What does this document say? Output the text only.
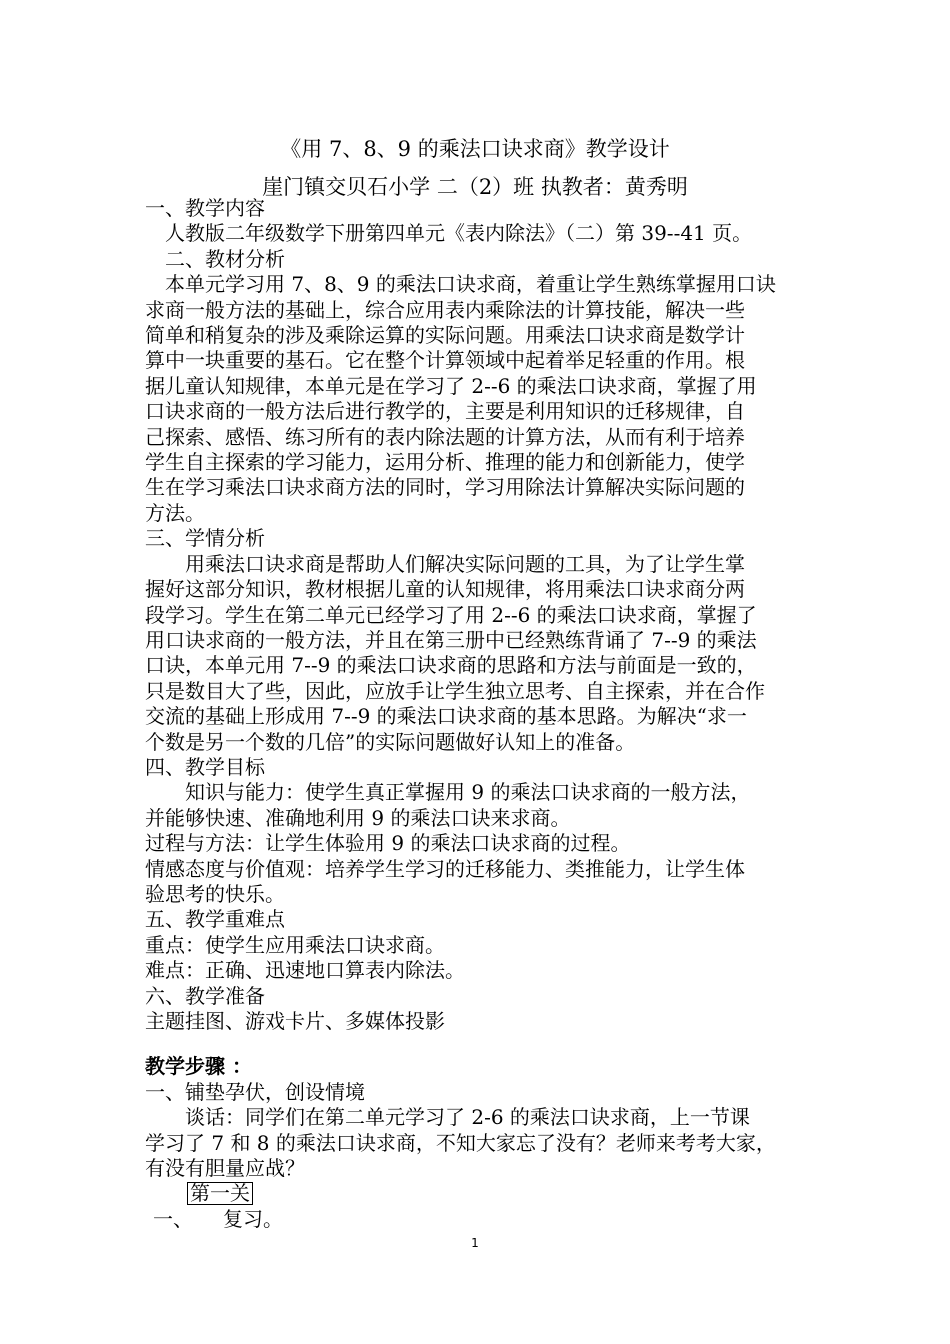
《用 7、8、9 的乘法口诀求商》教学设计
崖门镇交贝石小学 二（2）班 执教者：黄秀明

一、教学内容

人教版二年级数学下册第四单元《表内除法》（二）第 39--41 页。

二、教材分析

本单元学习用 7、8、9 的乘法口诀求商，着重让学生熟练掌握用口诀

求商一般方法的基础上，综合应用表内乘除法的计算技能，解决一些

简单和稍复杂的涉及乘除运算的实际问题。用乘法口诀求商是数学计

算中一块重要的基石。它在整个计算领域中起着举足轻重的作用。根

据儿童认知规律，本单元是在学习了 2--6 的乘法口诀求商，掌握了用

口诀求商的一般方法后进行教学的，主要是利用知识的迁移规律，自

己探索、感悟、练习所有的表内除法题的计算方法，从而有利于培养

学生自主探索的学习能力，运用分析、推理的能力和创新能力，使学

生在学习乘法口诀求商方法的同时，学习用除法计算解决实际问题的

方法。

三、学情分析

用乘法口诀求商是帮助人们解决实际问题的工具，为了让学生掌

握好这部分知识，教材根据儿童的认知规律，将用乘法口诀求商分两

段学习。学生在第二单元已经学习了用 2--6 的乘法口诀求商，掌握了

用口诀求商的一般方法，并且在第三册中已经熟练背诵了 7--9 的乘法

口诀，本单元用 7--9 的乘法口诀求商的思路和方法与前面是一致的，

只是数目大了些，因此，应放手让学生独立思考、自主探索，并在合作

交流的基础上形成用 7--9 的乘法口诀求商的基本思路。为解决“求一

个数是另一个数的几倍”的实际问题做好认知上的准备。

四、教学目标

知识与能力：使学生真正掌握用 9 的乘法口诀求商的一般方法，

并能够快速、准确地利用 9 的乘法口诀来求商。

过程与方法：让学生体验用 9 的乘法口诀求商的过程。

情感态度与价值观：培养学生学习的迁移能力、类推能力，让学生体

验思考的快乐。

五、教学重难点

重点：使学生应用乘法口诀求商。

难点：正确、迅速地口算表内除法。

六、教学准备

主题挂图、游戏卡片、多媒体投影

教学步骤 ：

一、铺垫孕伏，创设情境

谈话：同学们在第二单元学习了 2-6 的乘法口诀求商，上一节课

学习了 7 和 8 的乘法口诀求商，不知大家忘了没有？老师来考考大家，

有没有胆量应战？

第一关

一、 复习。

1
